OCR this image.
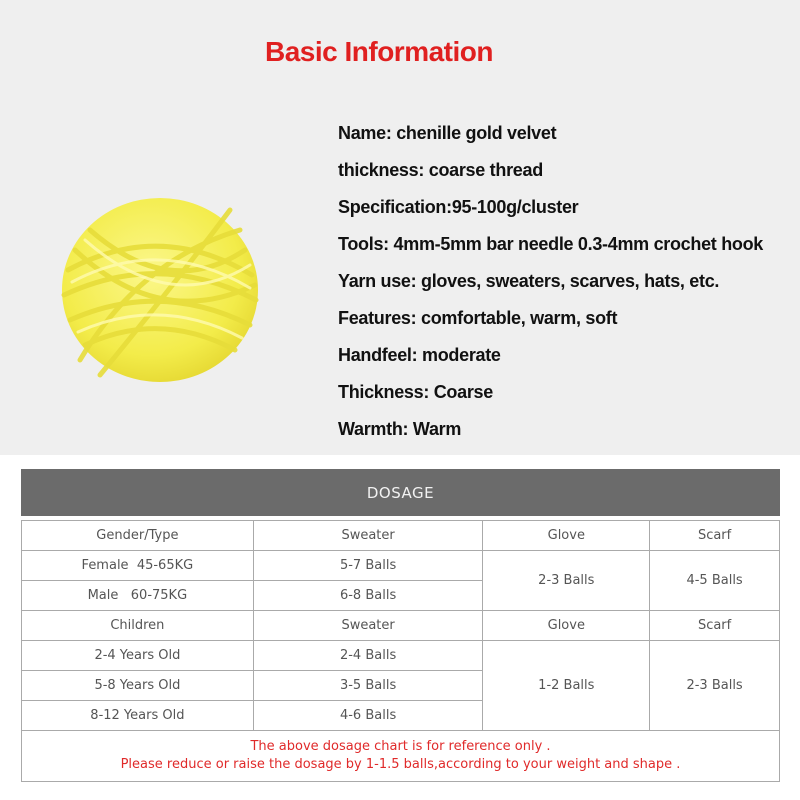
Basic Information
Name: chenille gold velvet
thickness: coarse thread
Specification:95-100g/cluster
Tools: 4mm-5mm bar needle 0.3-4mm crochet hook
Yarn use: gloves, sweaters, scarves, hats, etc.
Features: comfortable, warm, soft
Handfeel: moderate
Thickness: Coarse
Warmth: Warm
DOSAGE			

Gender/Type	Sweater	Glove	Scarf
Female  45-65KG	5-7 Balls	2-3 Balls	4-5 Balls
Male   60-75KG	6-8 Balls		
Children	Sweater	Glove	Scarf
2-4 Years Old	2-4 Balls	1-2 Balls	2-3 Balls
5-8 Years Old	3-5 Balls		
8-12 Years Old	4-6 Balls		

The above dosage chart is for reference only .
Please reduce or raise the dosage by 1-1.5 balls,according to your weight and shape .			
